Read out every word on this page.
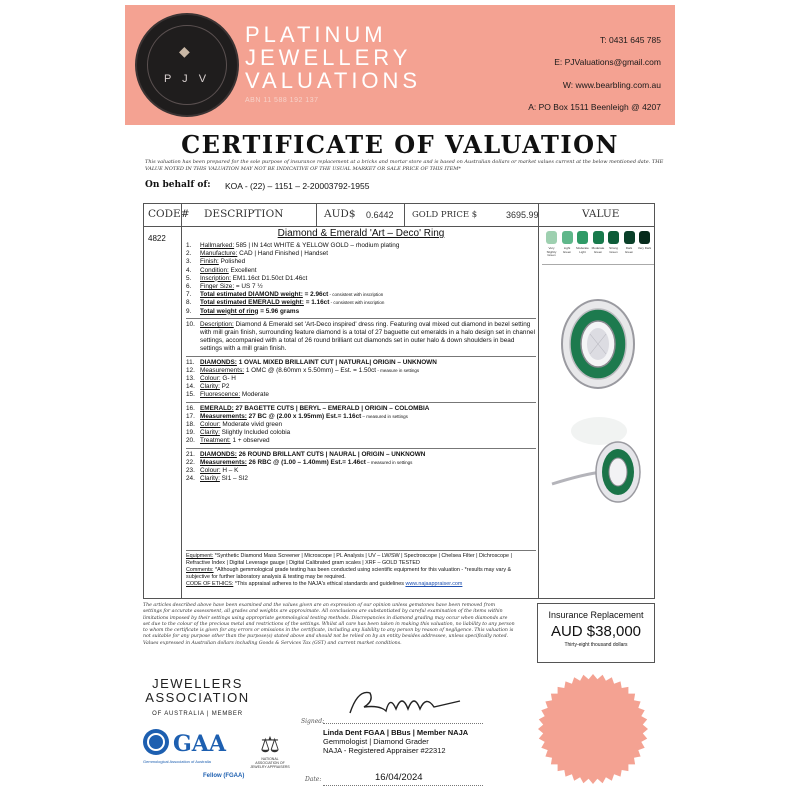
◆
P J V
PLATINUM
JEWELLERY
VALUATIONS
ABN 11 588 192 137
T: 0431 645 785
E: PJValuations@gmail.com
W: www.bearbling.com.au
A: PO Box 1511 Beenleigh @ 4207
CERTIFICATE OF VALUATION
This valuation has been prepared for the sole purpose of insurance replacement at a bricks and mortar store and is based on Australian dollars or market values current at the below mentioned date. THE VALUE NOTED IN THIS VALUATION MAY NOT BE INDICATIVE OF THE USUAL MARKET OR SALE PRICE OF THIS ITEM*
On behalf of: KOA - (22) – 1151 – 2-20003792-1955
CODE# DESCRIPTION	AUD$ 0.6442 GOLD PRICE $	3695.99	VALUE
4822	Diamond & Emerald 'Art – Deco' Ring
1.	Hallmarked: 585 | IN 14ct WHITE & YELLOW GOLD – rhodium plating
2.	Manufacture: CAD | Hand Finished | Handset
3.	Finish: Polished
4.	Condition: Excellent
5.	Inscription: EM1.16ct D1.50ct D1.46ct
6.	Finger Size: = US 7 ½
7.	Total estimated DIAMOND weight: = 2.96ct - consistent with inscription
8.	Total estimated EMERALD weight: = 1.16ct - consistent with inscription
9.	Total weight of ring = 5.96 grams
10. Description: Diamond & Emerald set 'Art-Deco inspired' dress ring. Featuring oval mixed cut diamond in bezel setting with mill grain finish, surrounding feature diamond is a total of 27 baguette cut emeralds in a halo design set in channel settings, accompanied with a total of 26 round brilliant cut diamonds set in outer halo & down shoulders in bead settings with a mill grain finish.
11. DIAMONDS: 1 OVAL MIXED BRILLAINT CUT | NATURAL| ORIGIN – UNKNOWN
12. Measurements: 1 OMC @ (8.60mm x 5.50mm) – Est. = 1.50ct - measure in settings
13. Colour: G- H
14. Clarity: P2
15. Fluorescence: Moderate
16. EMERALD: 27 BAGETTE CUTS | BERYL – EMERALD | ORIGIN – COLOMBIA
17. Measurements: 27 BC @ (2.00 x 1.95mm) Est.= 1.16ct – measured in settings
18. Colour: Moderate vivid green
19. Clarity: Slightly Included colobia
20. Treatment: 1 + observed
21. DIAMONDS: 26 ROUND BRILLANT CUTS | NAURAL | ORIGIN – UNKNOWN
22. Measurements: 26 RBC @ (1.00 – 1.40mm) Est.= 1.46ct – measured in settings
23. Colour: H – K
24. Clarity: SI1 – SI2
Equipment: *Synthetic Diamond Mass Screener | Microscope | PL Analysis | UV – LW/SW | Spectroscope | Chelsea Filter | Dichroscope | Refractive Index | Digital Leverage gauge | Digital Calibrated gram scales | XRF – GOLD TESTED
Comments: *Although gemmological grade testing has been conducted using scientific equipment for this valuation - *results may vary & subjective for further laboratory analysis & testing may be required.
CODE OF ETHICS: *This appraisal adheres to the NAJA's ethical standards and guidelines www.najaappraiser.com
Very Slightly Green
Light Green
Moderate Light
Moderate Green
Strong Green
Dark Green
Very Dark
The articles described above have been examined and the values given are an expression of our opinion unless gemstones have been removed from settings for accurate assessment, all grades and weights are approximate. All conclusions are substantiated by careful examination of the items within limitations imposed by their settings using appropriate gemmological testing methods. Discrepancies in diamond grading may occur when diamonds are set due to the colour of the precious metal and restrictions of the settings. Whilst all care has been taken in making this valuation, no liability to any person to whom the certificate is given for any errors or omissions in the certificate, including any liability to any person by reason of negligence. This valuation is not suitable for any purpose other than the purpose(s) stated above and should not be relied on by an entity besides addressee, unless specifically noted. Values expressed in Australian dollars including Goods & Services Tax (GST) and current market conditions.
Insurance Replacement
AUD $38,000
Thirty-eight thousand dollars
JEWELLERS
ASSOCIATION
OF AUSTRALIA | MEMBER
GAA
Gemmological Association of Australia
Fellow (FGAA)
⚖
NATIONAL ASSOCIATION OF JEWELRY APPRAISERS
Signed:
Linda Dent FGAA | BBus | Member NAJA
Gemmologist | Diamond Grader
NAJA - Registered Appraiser #22312
Date:	16/04/2024
